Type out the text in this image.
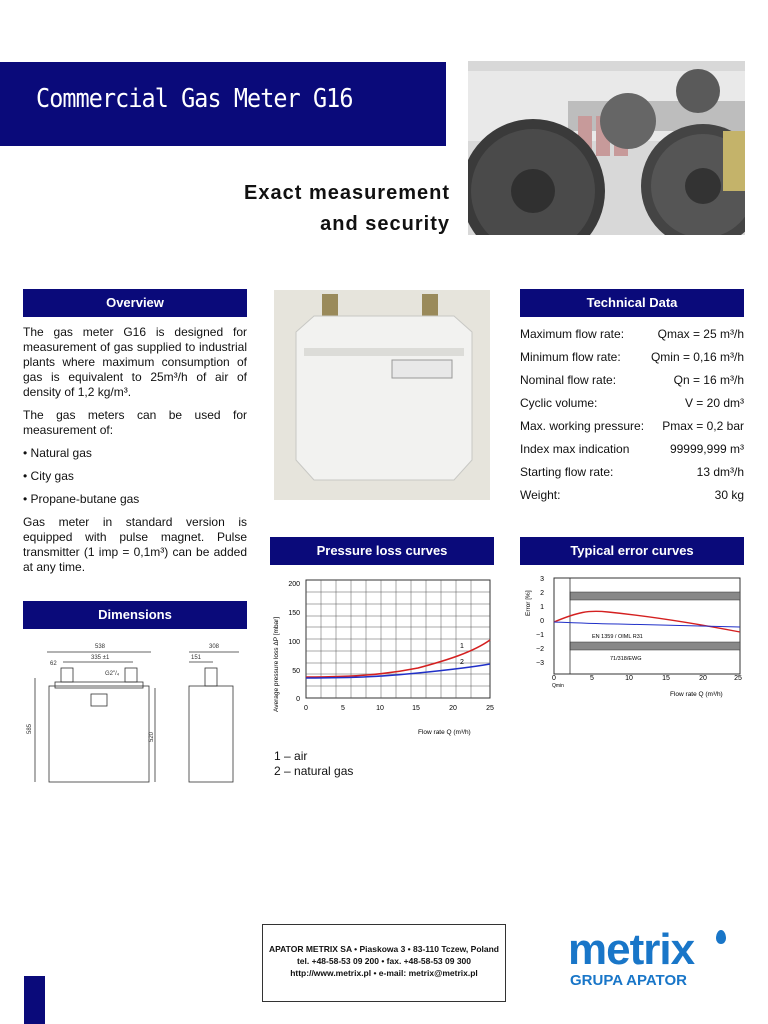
Commercial Gas Meter G16
Exact measurement
and security
Overview

The gas meter G16 is designed for measurement of gas supplied to industrial plants where maximum consumption of gas is equivalent to 25m³/h of air of density of 1,2 kg/m³.

The gas meters can be used for measurement of:

• Natural gas

• City gas

• Propane-butane gas

Gas meter in standard version is equipped with pulse magnet. Pulse transmitter (1 imp = 0,1m³) can be added at any time.

Technical Data
Maximum flow rate:	Qmax = 25 m³/h
Minimum flow rate:	Qmin = 0,16 m³/h
Nominal flow rate:	Qn = 16 m³/h
Cyclic volume:	V = 20 dm³
Max. working pressure: Pmax = 0,2 bar
Index max indication	99999,999 m³
Starting flow rate:	13 dm³/h
Weight:	30 kg
Dimensions
538
335 ±1
62
G2"/₄
585
520
308
151
Pressure loss curves
1
2
200
150
100
50
0
0	5	10	15	20	25
Flow rate Q (m³/h)
Average pressure loss ΔP [mbar]
1 – air
2 – natural gas
Typical error curves
EN 1359 / OIML R31
71/318/EWG
3
2
1
0
−1
−2
−3
0	5	10	15	20	25
Qmin
Flow rate Q (m³/h)
Error [%]
APATOR METRIX SA • Piaskowa 3 • 83-110 Tczew, Poland
tel. +48-58-53 09 200 • fax. +48-58-53 09 300
http://www.metrix.pl • e-mail: metrix@metrix.pl	metrix
GRUPA APATOR
